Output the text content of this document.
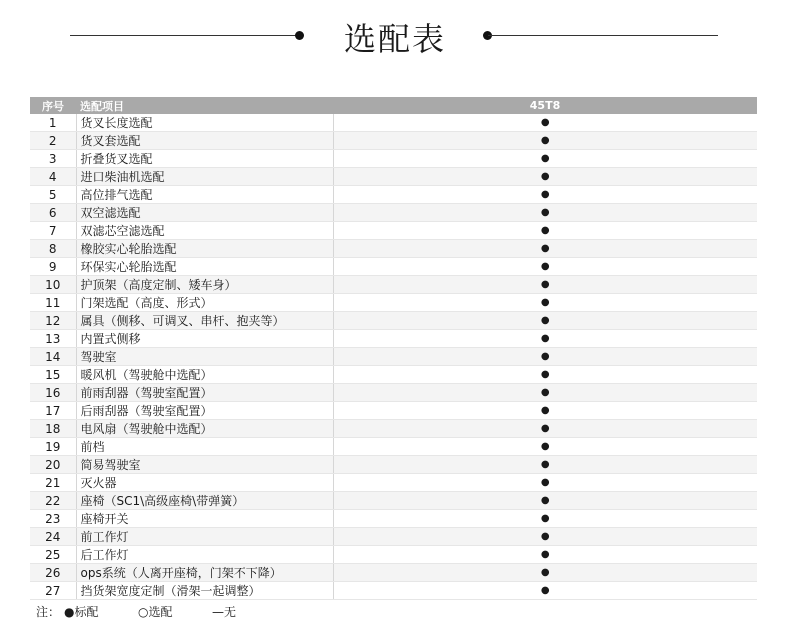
选配表
序号	选配项目	45T8
1	货叉长度选配	●
2	货叉套选配	●
3	折叠货叉选配	●
4	进口柴油机选配	●
5	高位排气选配	●
6	双空滤选配	●
7	双滤芯空滤选配	●
8	橡胶实心轮胎选配	●
9	环保实心轮胎选配	●
10	护顶架（高度定制、矮车身）	●
11	门架选配（高度、形式）	●
12	属具（侧移、可调叉、串杆、抱夹等）	●
13	内置式侧移	●
14	驾驶室	●
15	暖风机（驾驶舱中选配）	●
16	前雨刮器（驾驶室配置）	●
17	后雨刮器（驾驶室配置）	●
18	电风扇（驾驶舱中选配）	●
19	前档	●
20	简易驾驶室	●
21	灭火器	●
22	座椅（SC1\高级座椅\带弹簧）	●
23	座椅开关	●
24	前工作灯	●
25	后工作灯	●
26	ops系统（人离开座椅，门架不下降）	●
27	挡货架宽度定制（滑架一起调整）	●
注： ●标配	○选配	—无
